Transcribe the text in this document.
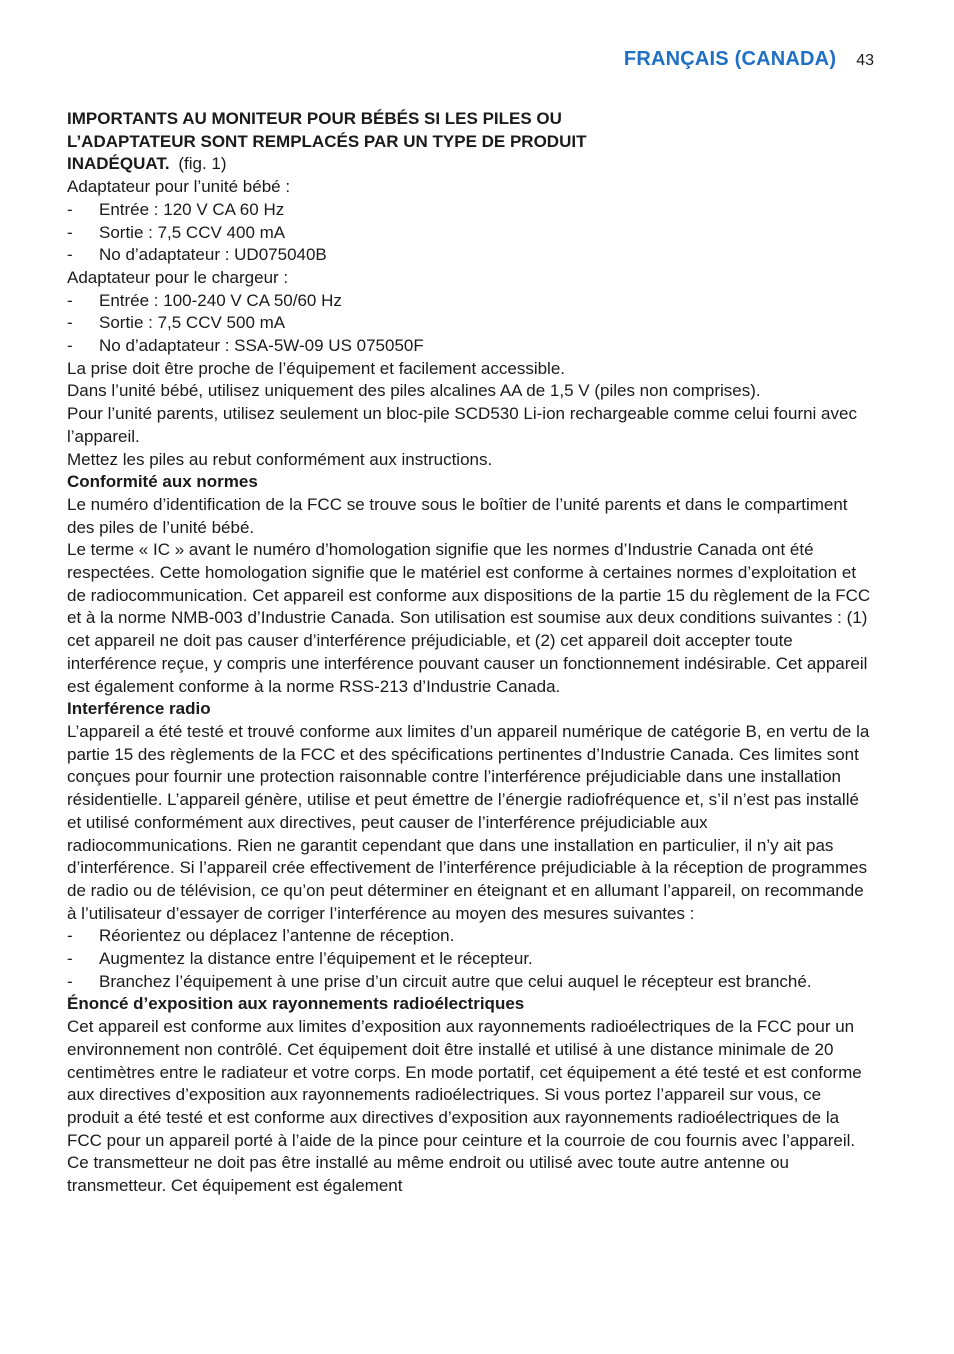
FRANÇAIS (CANADA) 43

IMPORTANTS AU MONITEUR POUR BÉBÉS SI LES PILES OU
L’ADAPTATEUR SONT REMPLACÉS PAR UN TYPE DE PRODUIT
INADÉQUAT. (fig. 1)

Adaptateur pour l’unité bébé :

-	Entrée : 120 V CA 60 Hz
-	Sortie : 7,5 CCV 400 mA
-	No d’adaptateur : UD075040B

Adaptateur pour le chargeur :

-	Entrée : 100-240 V CA 50/60 Hz
-	Sortie : 7,5 CCV 500 mA
-	No d’adaptateur : SSA-5W-09 US 075050F

La prise doit être proche de l’équipement et facilement accessible.

Dans l’unité bébé, utilisez uniquement des piles alcalines AA de 1,5 V (piles non comprises).

Pour l’unité parents, utilisez seulement un bloc-pile SCD530 Li-ion rechargeable comme celui fourni avec l’appareil.

Mettez les piles au rebut conformément aux instructions.

Conformité aux normes

Le numéro d’identification de la FCC se trouve sous le boîtier de l’unité parents et dans le compartiment des piles de l’unité bébé.

Le terme « IC » avant le numéro d’homologation signifie que les normes d’Industrie Canada ont été respectées. Cette homologation signifie que le matériel est conforme à certaines normes d’exploitation et de radiocommunication. Cet appareil est conforme aux dispositions de la partie 15 du règlement de la FCC et à la norme NMB-003 d’Industrie Canada. Son utilisation est soumise aux deux conditions suivantes : (1) cet appareil ne doit pas causer d’interférence préjudiciable, et (2) cet appareil doit accepter toute interférence reçue, y compris une interférence pouvant causer un fonctionnement indésirable. Cet appareil est également conforme à la norme RSS-213 d’Industrie Canada.

Interférence radio

L’appareil a été testé et trouvé conforme aux limites d’un appareil numérique de catégorie B, en vertu de la partie 15 des règlements de la FCC et des spécifications pertinentes d’Industrie Canada. Ces limites sont conçues pour fournir une protection raisonnable contre l’interférence préjudiciable dans une installation résidentielle. L’appareil génère, utilise et peut émettre de l’énergie radiofréquence et, s’il n’est pas installé et utilisé conformément aux directives, peut causer de l’interférence préjudiciable aux radiocommunications. Rien ne garantit cependant que dans une installation en particulier, il n’y ait pas d’interférence. Si l’appareil crée effectivement de l’interférence préjudiciable à la réception de programmes de radio ou de télévision, ce qu’on peut déterminer en éteignant et en allumant l’appareil, on recommande à l’utilisateur d’essayer de corriger l’interférence au moyen des mesures suivantes :

-	Réorientez ou déplacez l’antenne de réception.
-	Augmentez la distance entre l’équipement et le récepteur.
-	Branchez l’équipement à une prise d’un circuit autre que celui auquel le récepteur est branché.

Énoncé d’exposition aux rayonnements radioélectriques

Cet appareil est conforme aux limites d’exposition aux rayonnements radioélectriques de la FCC pour un environnement non contrôlé. Cet équipement doit être installé et utilisé à une distance minimale de 20 centimètres entre le radiateur et votre corps. En mode portatif, cet équipement a été testé et est conforme aux directives d’exposition aux rayonnements radioélectriques. Si vous portez l’appareil sur vous, ce produit a été testé et est conforme aux directives d’exposition aux rayonnements radioélectriques de la FCC pour un appareil porté à l’aide de la pince pour ceinture et la courroie de cou fournis avec l’appareil. Ce transmetteur ne doit pas être installé au même endroit ou utilisé avec toute autre antenne ou transmetteur. Cet équipement est également
